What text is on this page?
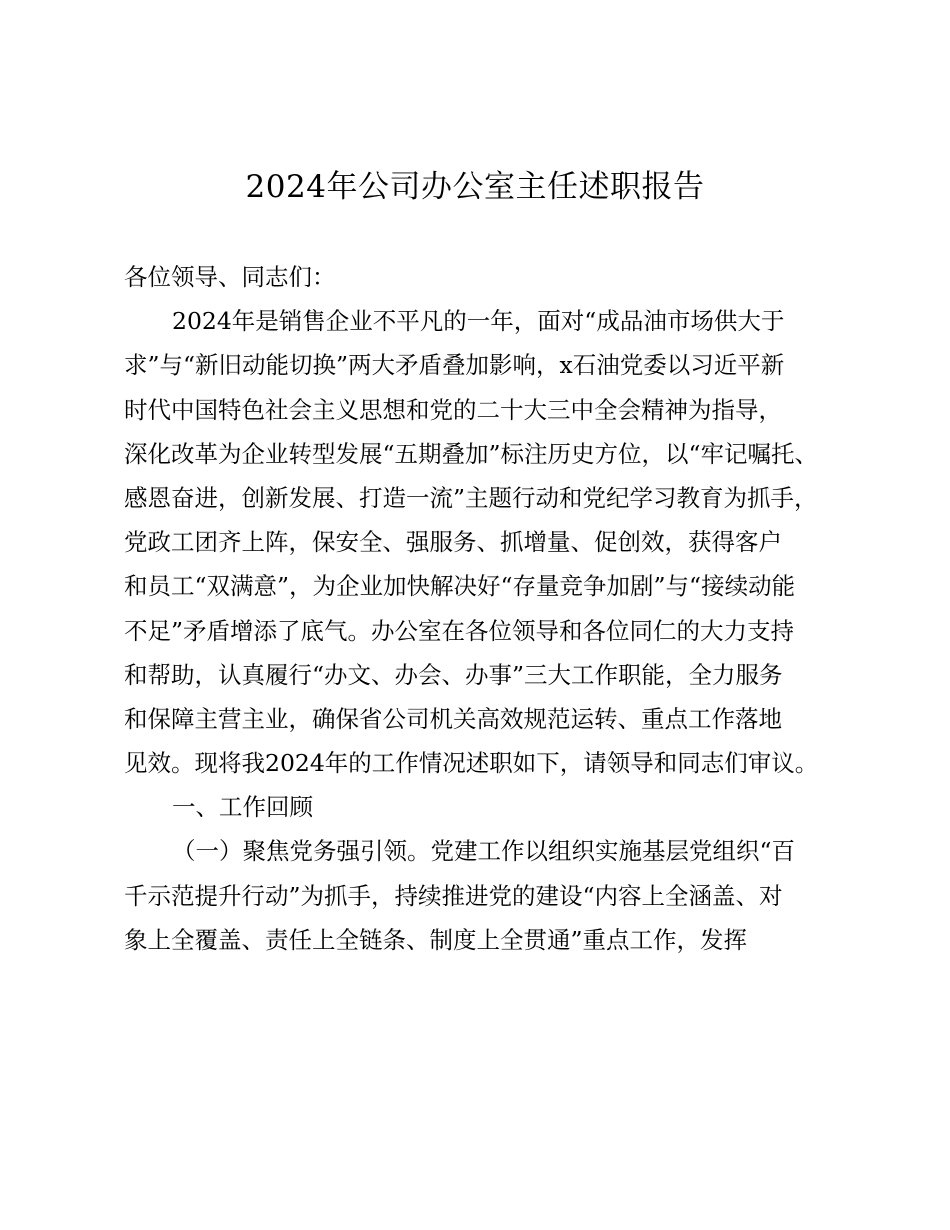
2024年公司办公室主任述职报告
各位领导、同志们：
2024年是销售企业不平凡的一年，面对“成品油市场供大于
求”与“新旧动能切换”两大矛盾叠加影响，x石油党委以习近平新
时代中国特色社会主义思想和党的二十大三中全会精神为指导，
深化改革为企业转型发展“五期叠加”标注历史方位，以“牢记嘱托、
感恩奋进，创新发展、打造一流”主题行动和党纪学习教育为抓手，
党政工团齐上阵，保安全、强服务、抓增量、促创效，获得客户
和员工“双满意”，为企业加快解决好“存量竞争加剧”与“接续动能
不足”矛盾增添了底气。办公室在各位领导和各位同仁的大力支持
和帮助，认真履行“办文、办会、办事”三大工作职能，全力服务
和保障主营主业，确保省公司机关高效规范运转、重点工作落地
见效。现将我2024年的工作情况述职如下，请领导和同志们审议。
一、工作回顾
（一）聚焦党务强引领。党建工作以组织实施基层党组织“百
千示范提升行动”为抓手，持续推进党的建设“内容上全涵盖、对
象上全覆盖、责任上全链条、制度上全贯通”重点工作，发挥
